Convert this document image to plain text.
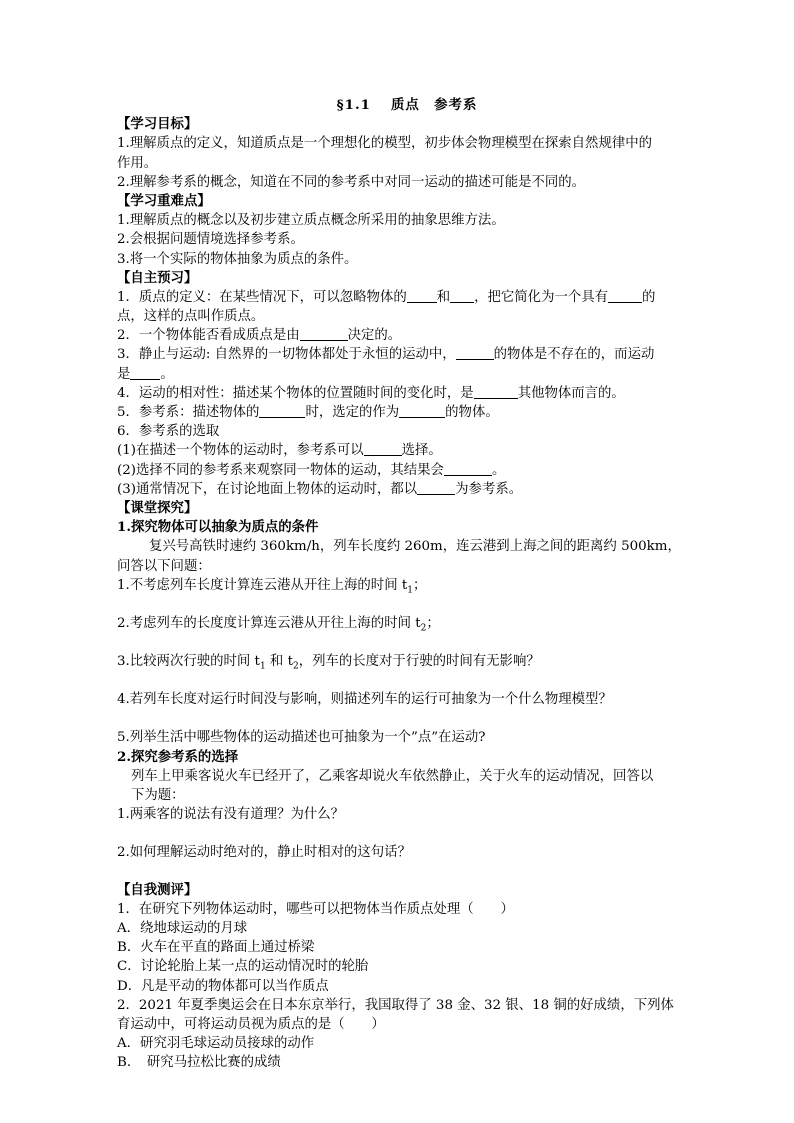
§1.1　 质点　参考系
【学习目标】
1.理解质点的定义，知道质点是一个理想化的模型，初步体会物理模型在探索自然规律中的
作用。
2.理解参考系的概念，知道在不同的参考系中对同一运动的描述可能是不同的。
【学习重难点】
1.理解质点的概念以及初步建立质点概念所采用的抽象思维方法。
2.会根据问题情境选择参考系。
3.将一个实际的物体抽象为质点的条件。
【自主预习】
1．质点的定义：在某些情况下，可以忽略物体的 和 ，把它简化为一个具有	的
点，这样的点叫作质点。
2．一个物体能否看成质点是由	决定的。
3．静止与运动: 自然界的一切物体都处于永恒的运动中，	的物体是不存在的，而运动
是 。
4．运动的相对性：描述某个物体的位置随时间的变化时，是	其他物体而言的。
5．参考系：描述物体的	时，选定的作为	的物体。
6．参考系的选取
(1)在描述一个物体的运动时，参考系可以	选择。
(2)选择不同的参考系来观察同一物体的运动，其结果会	。
(3)通常情况下，在讨论地面上物体的运动时，都以	为参考系。
【课堂探究】
1.探究物体可以抽象为质点的条件
复兴号高铁时速约 360km/h，列车长度约 260m，连云港到上海之间的距离约 500km，
问答以下问题：
1.不考虑列车长度计算连云港从开往上海的时间 $t_1$；
2.考虑列车的长度度计算连云港从开往上海的时间 $t_2$；
3.比较两次行驶的时间 $t_1$ 和 $t_2$，列车的长度对于行驶的时间有无影响？
4.若列车长度对运行时间没与影响，则描述列车的运行可抽象为一个什么物理模型？
5.列举生活中哪些物体的运动描述也可抽象为一个”点”在运动?
2.探究参考系的选择
列车上甲乘客说火车已经开了，乙乘客却说火车依然静止，关于火车的运动情况，回答以
下为题：
1.两乘客的说法有没有道理？为什么？
2.如何理解运动时绝对的，静止时相对的这句话？
【自我测评】
1．在研究下列物体运动时，哪些可以把物体当作质点处理（　　）
A．绕地球运动的月球
B．火车在平直的路面上通过桥梁
C．讨论轮胎上某一点的运动情况时的轮胎
D．凡是平动的物体都可以当作质点
2．2021 年夏季奥运会在日本东京举行，我国取得了 38 金、32 银、18 铜的好成绩，下列体
育运动中，可将运动员视为质点的是（　　）
A．研究羽毛球运动员接球的动作
B．　研究马拉松比赛的成绩
